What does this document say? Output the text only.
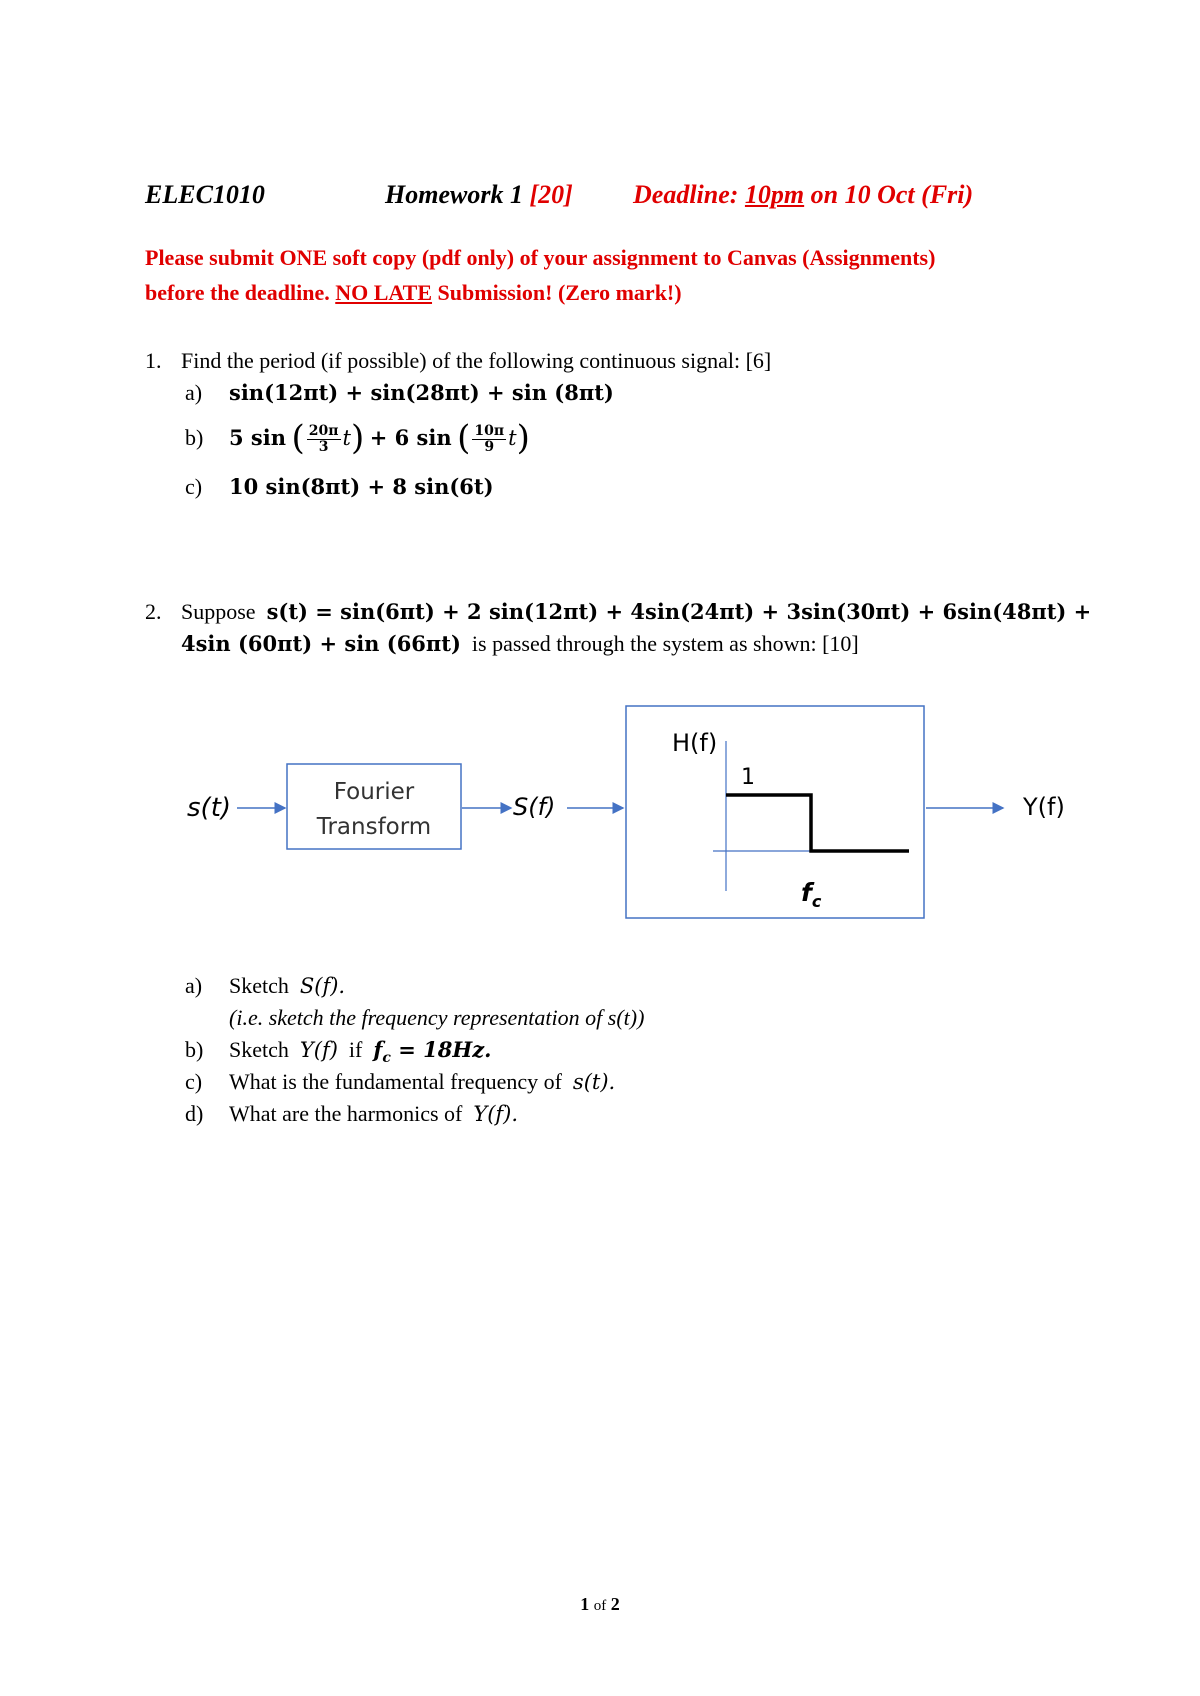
ELEC1010	Homework 1 [20] Deadline: 10pm on 10 Oct (Fri)
Please submit ONE soft copy (pdf only) of your assignment to Canvas (Assignments)
before the deadline. NO LATE Submission! (Zero mark!)
1. Find the period (if possible) of the following continuous signal: [6]
a) sin(12πt) + sin(28πt) + sin (8πt)
b) 5 sin ( $\frac{20\pi}{3} t) + 6$ sin ( $\frac{10\pi}{9} t$)
c) 10 sin(8πt) + 8 sin(6t)
2. Suppose s(t) = sin(6πt) + 2 sin(12πt) + 4sin(24πt) + 3sin(30πt) + 6sin(48πt) +
4sin (60πt) + sin (66πt) is passed through the system as shown: [10]
s(t)
Fourier
Transform
S(f)
H(f)
1
$f_c$
Y(f)
a) Sketch S(f).
(i.e. sketch the frequency representation of s(t))
b) Sketch Y(f) if $f_c = 18Hz$.
c) What is the fundamental frequency of s(t).
d) What are the harmonics of Y(f).
1 of 2
